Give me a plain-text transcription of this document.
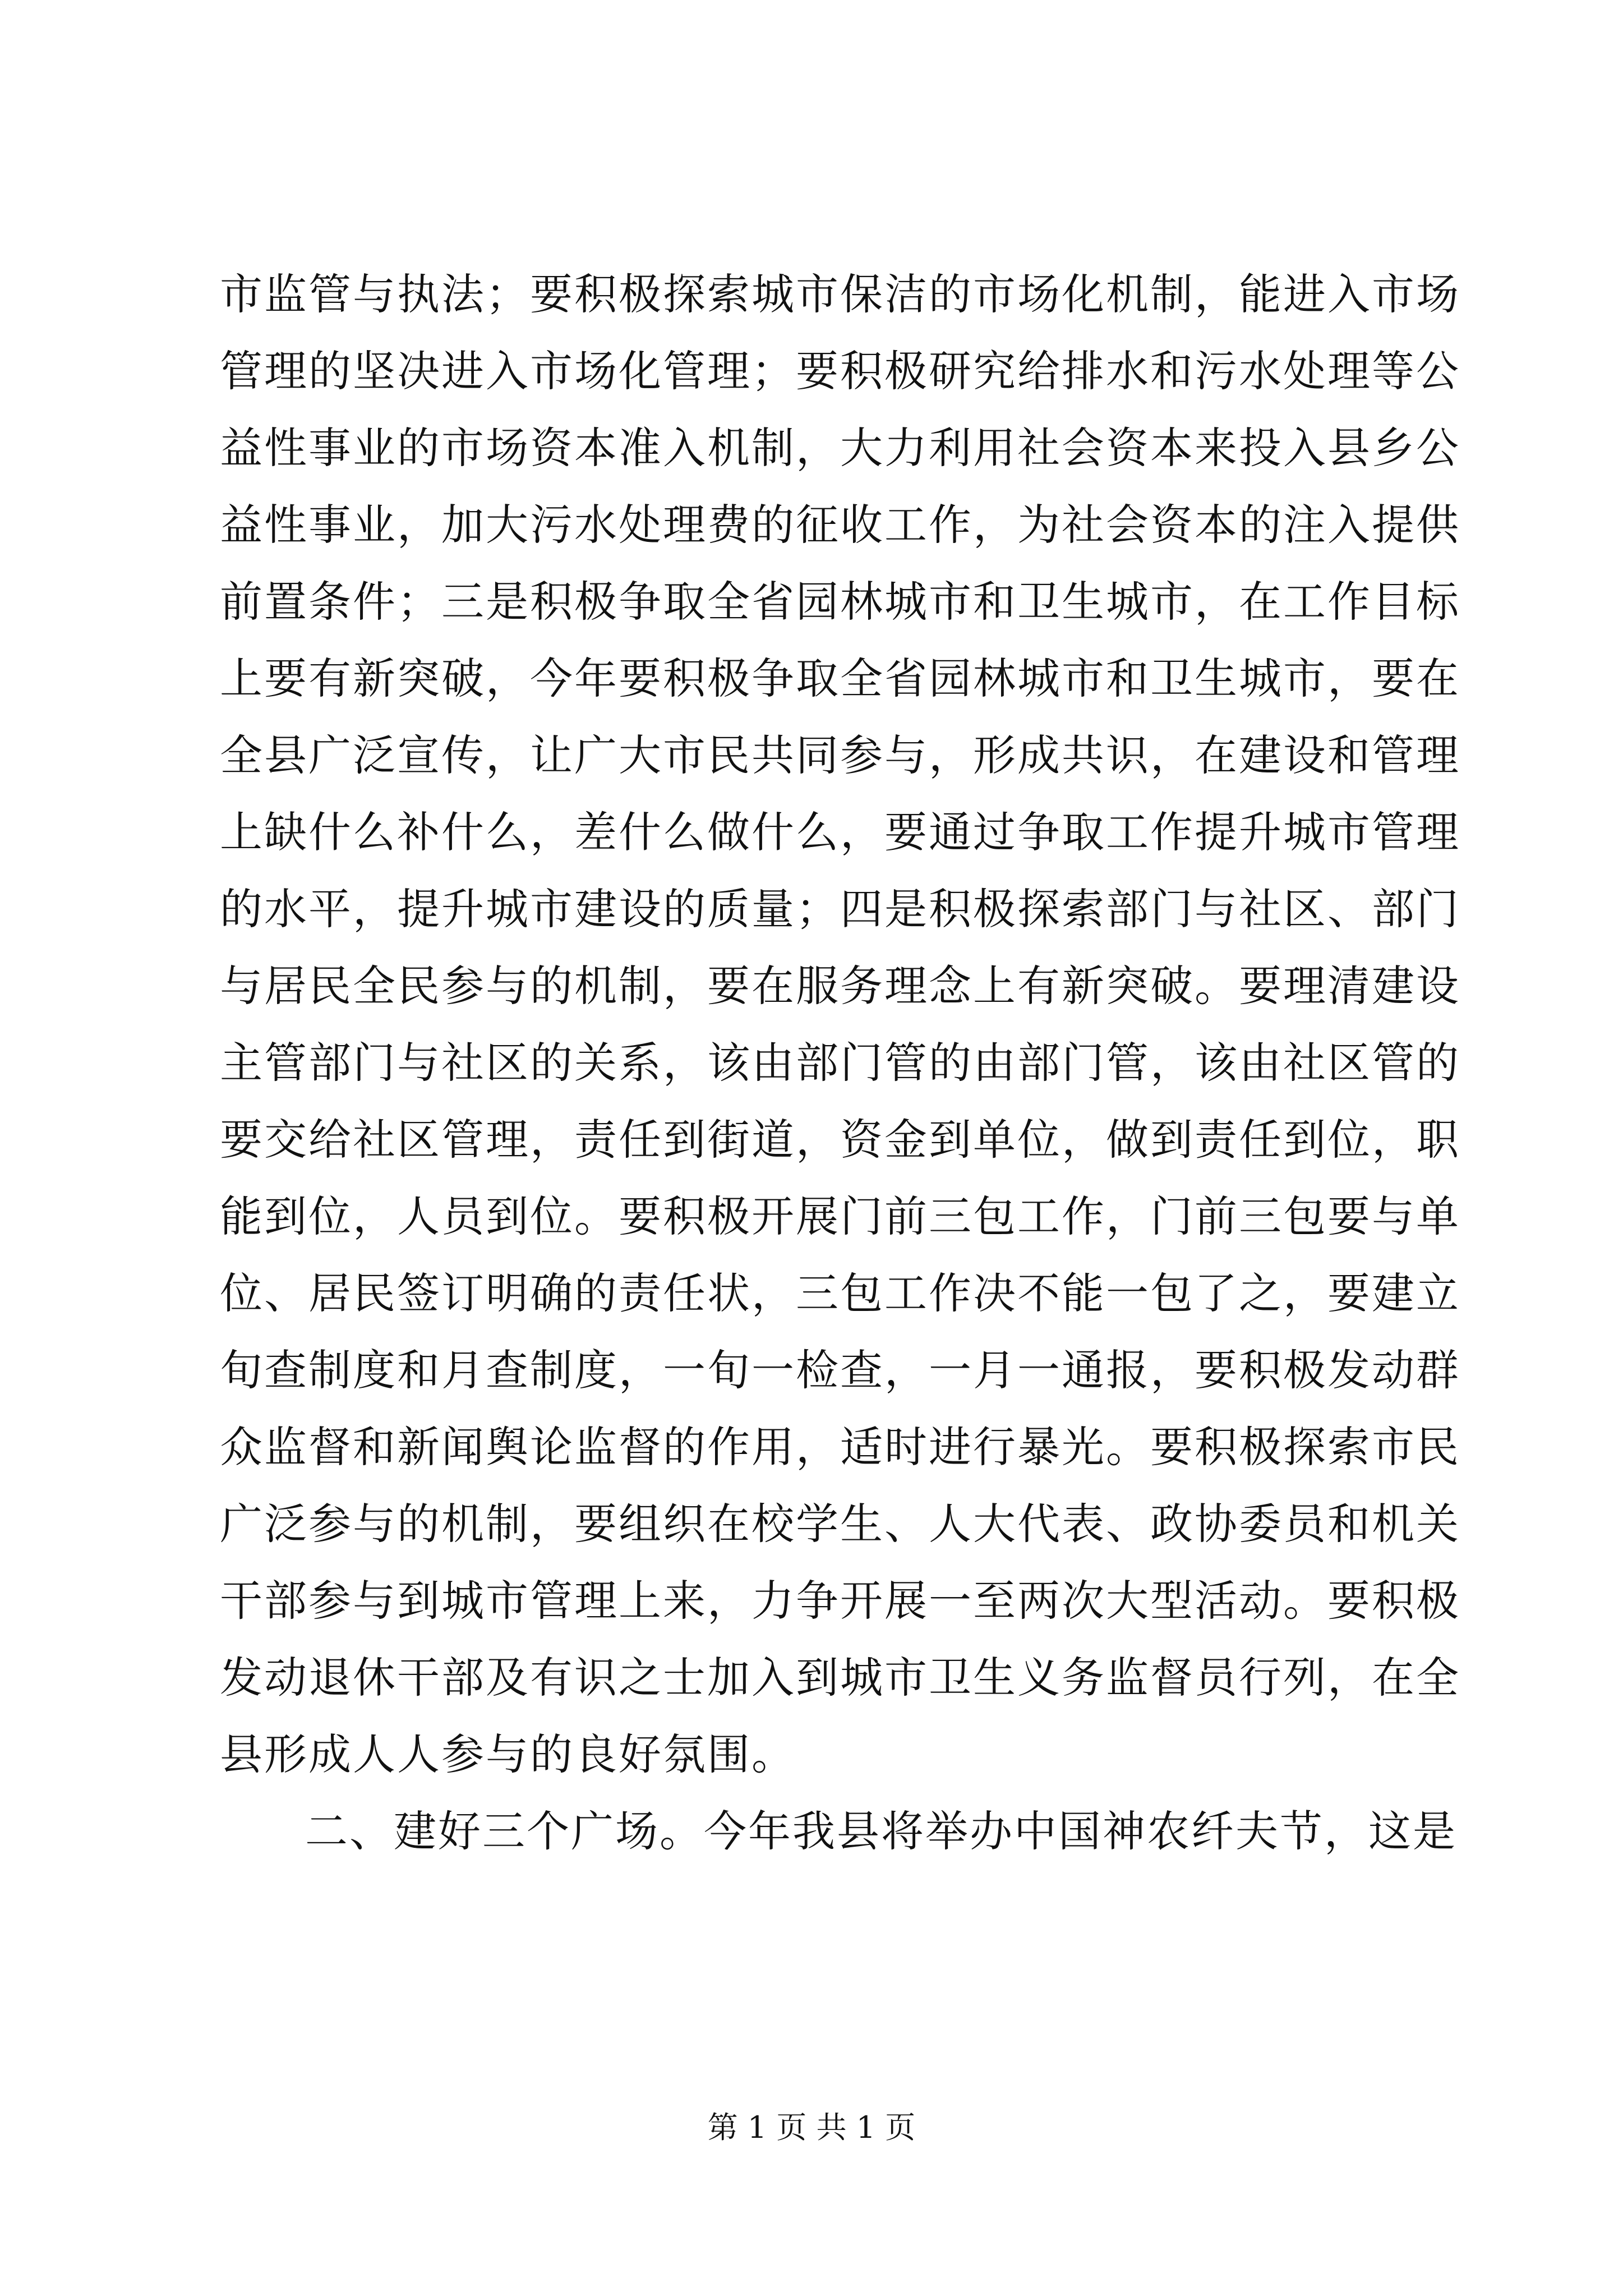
市监管与执法；要积极探索城市保洁的市场化机制，能进入市场
管理的坚决进入市场化管理；要积极研究给排水和污水处理等公
益性事业的市场资本准入机制，大力利用社会资本来投入县乡公
益性事业，加大污水处理费的征收工作，为社会资本的注入提供
前置条件；三是积极争取全省园林城市和卫生城市，在工作目标
上要有新突破，今年要积极争取全省园林城市和卫生城市，要在
全县广泛宣传，让广大市民共同参与，形成共识，在建设和管理
上缺什么补什么，差什么做什么，要通过争取工作提升城市管理
的水平，提升城市建设的质量；四是积极探索部门与社区、部门
与居民全民参与的机制，要在服务理念上有新突破。要理清建设
主管部门与社区的关系，该由部门管的由部门管，该由社区管的
要交给社区管理，责任到街道，资金到单位，做到责任到位，职
能到位，人员到位。要积极开展门前三包工作，门前三包要与单
位、居民签订明确的责任状，三包工作决不能一包了之，要建立
旬查制度和月查制度，一旬一检查，一月一通报，要积极发动群
众监督和新闻舆论监督的作用，适时进行暴光。要积极探索市民
广泛参与的机制，要组织在校学生、人大代表、政协委员和机关
干部参与到城市管理上来，力争开展一至两次大型活动。要积极
发动退休干部及有识之士加入到城市卫生义务监督员行列，在全
县形成人人参与的良好氛围。
二、建好三个广场。今年我县将举办中国神农纤夫节，这是
第 1 页 共 1 页
